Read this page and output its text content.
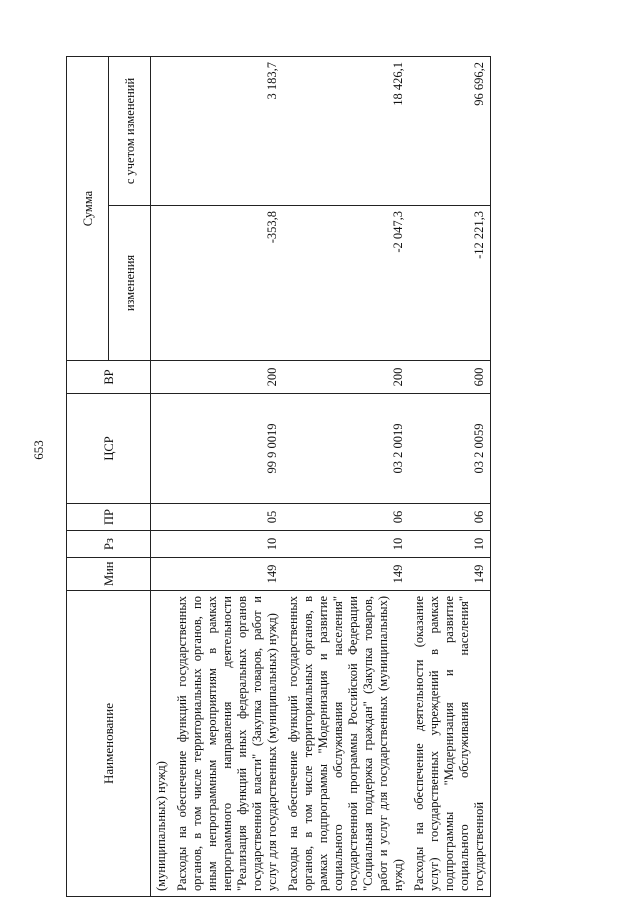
653
Наименование	Мин	Рз	ПР	ЦСР	ВР	Сумма	
						изменения	с учетом изменений
(муниципальных) нужд)							
Расходы на обеспечение функций государственных органов, в том числе территориальных органов, по иным непрограммным мероприятиям в рамках непрограммного направления деятельности "Реализация функций иных федеральных органов государственной власти" (Закупка товаров, работ и услуг для государственных (муниципальных) нужд)	149	10	05	99 9 0019	200	-353,8	3 183,7
Расходы на обеспечение функций государственных органов, в том числе территориальных органов, в рамках подпрограммы "Модернизация и развитие социального обслуживания населения" государственной программы Российской Федерации "Социальная поддержка граждан" (Закупка товаров, работ и услуг для государственных (муниципальных) нужд)	149	10	06	03 2 0019	200	-2 047,3	18 426,1
Расходы на обеспечение деятельности (оказание услуг) государственных учреждений в рамках подпрограммы "Модернизация и развитие социального обслуживания населения" государственной	149	10	06	03 2 0059	600	-12 221,3	96 696,2
